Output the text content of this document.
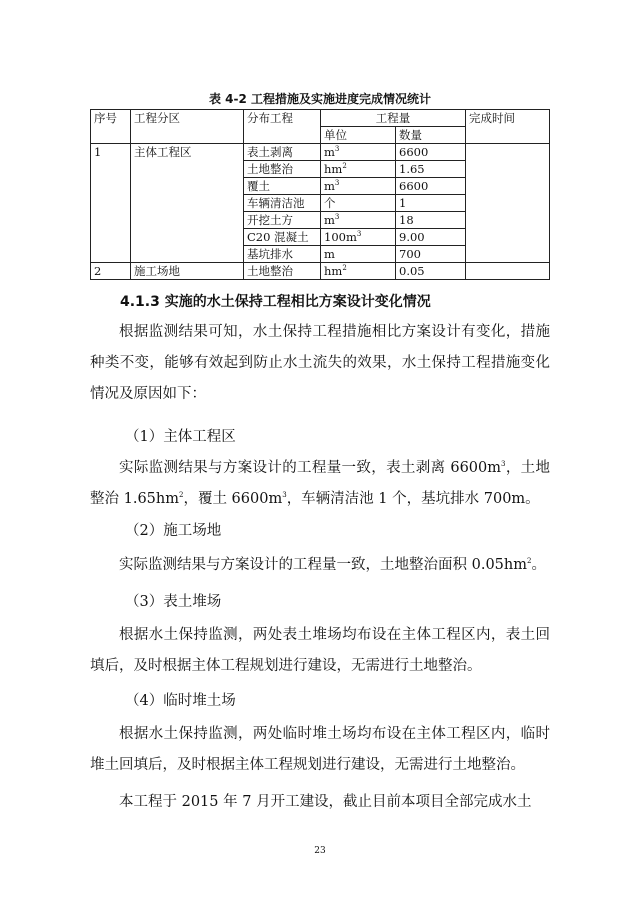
表 4-2 工程措施及实施进度完成情况统计
序号	工程分区	分布工程	工程量		完成时间
			单位	数量	
1	主体工程区	表土剥离	$m^3$	6600	
		土地整治	$hm^2$	1.65	
		覆土	$m^3$	6600	
		车辆清洁池	个	1	
		开挖土方	$m^3$	18	
		C20 混凝土	$100m^3$	9.00	
		基坑排水	m	700	
2	施工场地	土地整治	$hm^2$	0.05	
4.1.3 实施的水土保持工程相比方案设计变化情况

根据监测结果可知，水土保持工程措施相比方案设计有变化，措施种类不变，能够有效起到防止水土流失的效果，水土保持工程措施变化情况及原因如下：

（1）主体工程区

实际监测结果与方案设计的工程量一致，表土剥离 $6600m^3$，土地整治 $1.65hm^2$，覆土 $6600m^3$，车辆清洁池 1 个，基坑排水 700m。

（2）施工场地

实际监测结果与方案设计的工程量一致，土地整治面积 $0.05hm^2$。

（3）表土堆场

根据水土保持监测，两处表土堆场均布设在主体工程区内，表土回填后，及时根据主体工程规划进行建设，无需进行土地整治。

（4）临时堆土场

根据水土保持监测，两处临时堆土场均布设在主体工程区内，临时堆土回填后，及时根据主体工程规划进行建设，无需进行土地整治。

本工程于 2015 年 7 月开工建设，截止目前本项目全部完成水土

23
